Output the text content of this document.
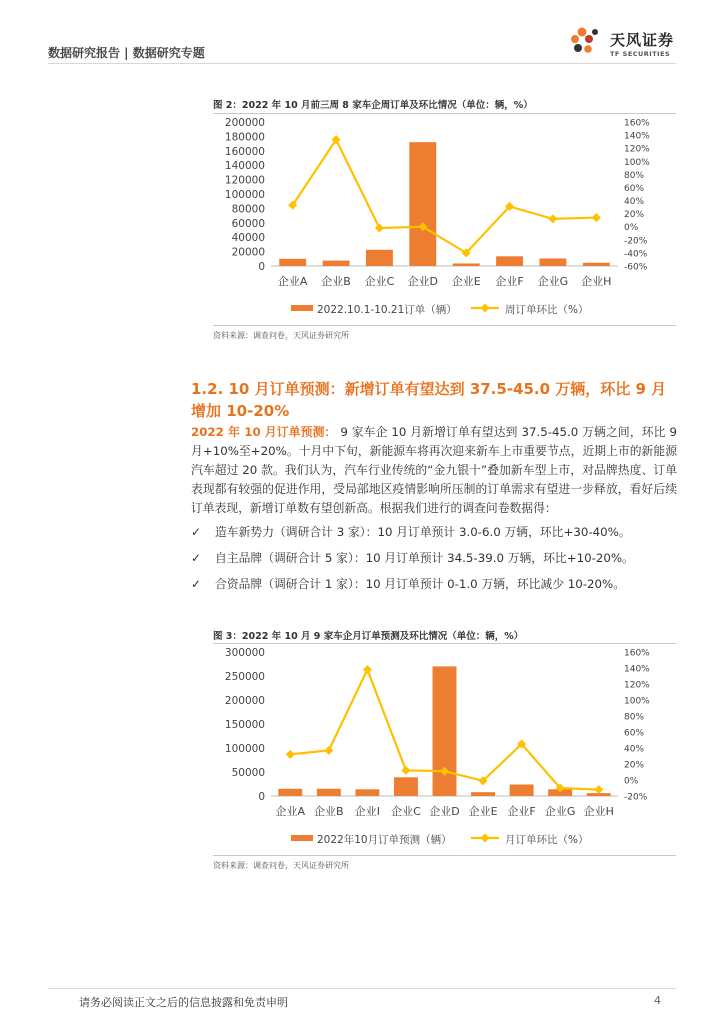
数据研究报告 | 数据研究专题
天风证券
TF SECURITIES
图 2：2022 年 10 月前三周 8 家车企周订单及环比情况（单位：辆，%）
0
20000
40000
60000
80000
100000
120000
140000
160000
180000
200000
-60%
-40%
-20%
0%
20%
40%
60%
80%
100%
120%
140%
160%
企业A 企业B 企业C 企业D 企业E 企业F 企业G 企业H
2022.10.1-10.21订单（辆）	周订单环比（%）
资料来源：调查问卷，天风证券研究所
1.2. 10 月订单预测：新增订单有望达到 37.5-45.0 万辆，环比 9 月增加 10-20%
2022 年 10 月订单预测： 9 家车企 10 月新增订单有望达到 37.5-45.0 万辆之间，环比 9 月+10%至+20%。十月中下旬，新能源车将再次迎来新车上市重要节点，近期上市的新能源汽车超过 20 款。我们认为，汽车行业传统的“金九银十”叠加新车型上市，对品牌热度、订单表现都有较强的促进作用，受局部地区疫情影响所压制的订单需求有望进一步释放，看好后续订单表现，新增订单数有望创新高。根据我们进行的调查问卷数据得：
✓ 造车新势力（调研合计 3 家）：10 月订单预计 3.0-6.0 万辆，环比+30-40%。
✓ 自主品牌（调研合计 5 家）：10 月订单预计 34.5-39.0 万辆，环比+10-20%。
✓ 合资品牌（调研合计 1 家）：10 月订单预计 0-1.0 万辆，环比减少 10-20%。
图 3：2022 年 10 月 9 家车企月订单预测及环比情况（单位：辆，%）
0
50000
100000
150000
200000
250000
300000
-20%
0%
20%
40%
60%
80%
100%
120%
140%
160%
企业A 企业B 企业I 企业C 企业D 企业E 企业F 企业G 企业H
2022年10月订单预测（辆）	月订单环比（%）
资料来源：调查问卷，天风证券研究所
请务必阅读正文之后的信息披露和免责申明	4
